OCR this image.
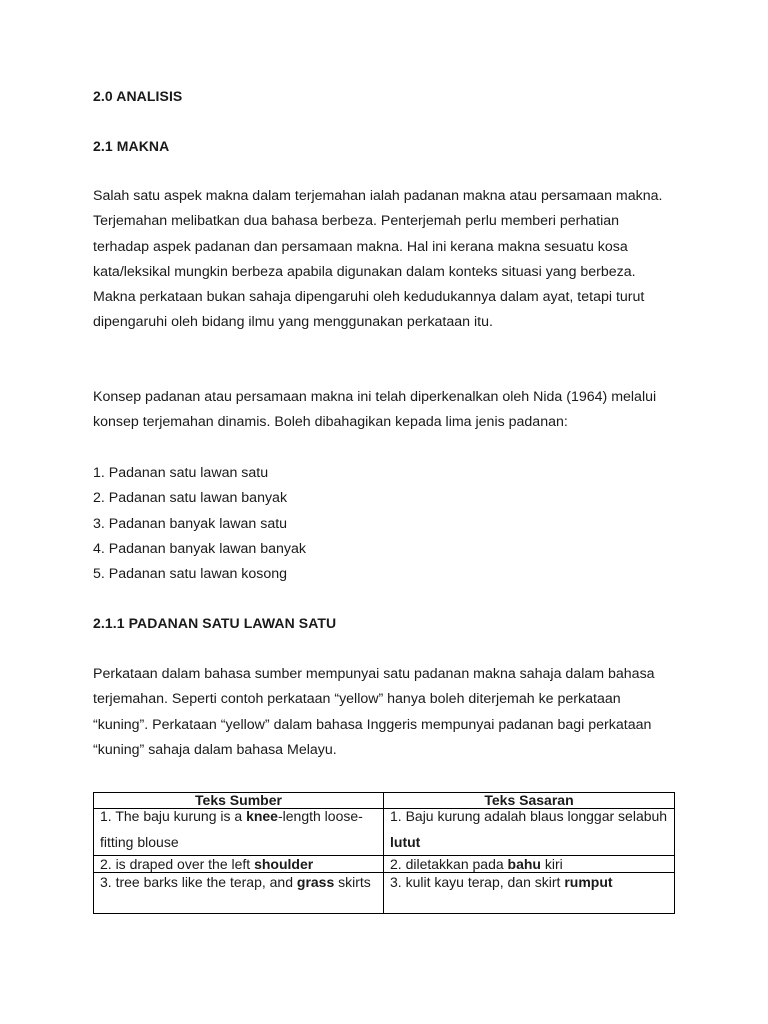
2.0 ANALISIS
2.1 MAKNA

Salah satu aspek makna dalam terjemahan ialah padanan makna atau persamaan makna. Terjemahan melibatkan dua bahasa berbeza. Penterjemah perlu memberi perhatian terhadap aspek padanan dan persamaan makna. Hal ini kerana makna sesuatu kosa kata/leksikal mungkin berbeza apabila digunakan dalam konteks situasi yang berbeza. Makna perkataan bukan sahaja dipengaruhi oleh kedudukannya dalam ayat, tetapi turut dipengaruhi oleh bidang ilmu yang menggunakan perkataan itu.

Konsep padanan atau persamaan makna ini telah diperkenalkan oleh Nida (1964) melalui konsep terjemahan dinamis. Boleh dibahagikan kepada lima jenis padanan:

1. Padanan satu lawan satu
2. Padanan satu lawan banyak
3. Padanan banyak lawan satu
4. Padanan banyak lawan banyak
5. Padanan satu lawan kosong
2.1.1 PADANAN SATU LAWAN SATU

Perkataan dalam bahasa sumber mempunyai satu padanan makna sahaja dalam bahasa terjemahan. Seperti contoh perkataan “yellow” hanya boleh diterjemah ke perkataan “kuning”. Perkataan “yellow” dalam bahasa Inggeris mempunyai padanan bagi perkataan “kuning” sahaja dalam bahasa Melayu.

Teks Sumber	Teks Sasaran

1. The baju kurung is a knee-length loose-fitting blouse	1. Baju kurung adalah blaus longgar selabuh lutut

2. is draped over the left shoulder	2. diletakkan pada bahu kiri

3. tree barks like the terap, and grass skirts	3. kulit kayu terap, dan skirt rumput
